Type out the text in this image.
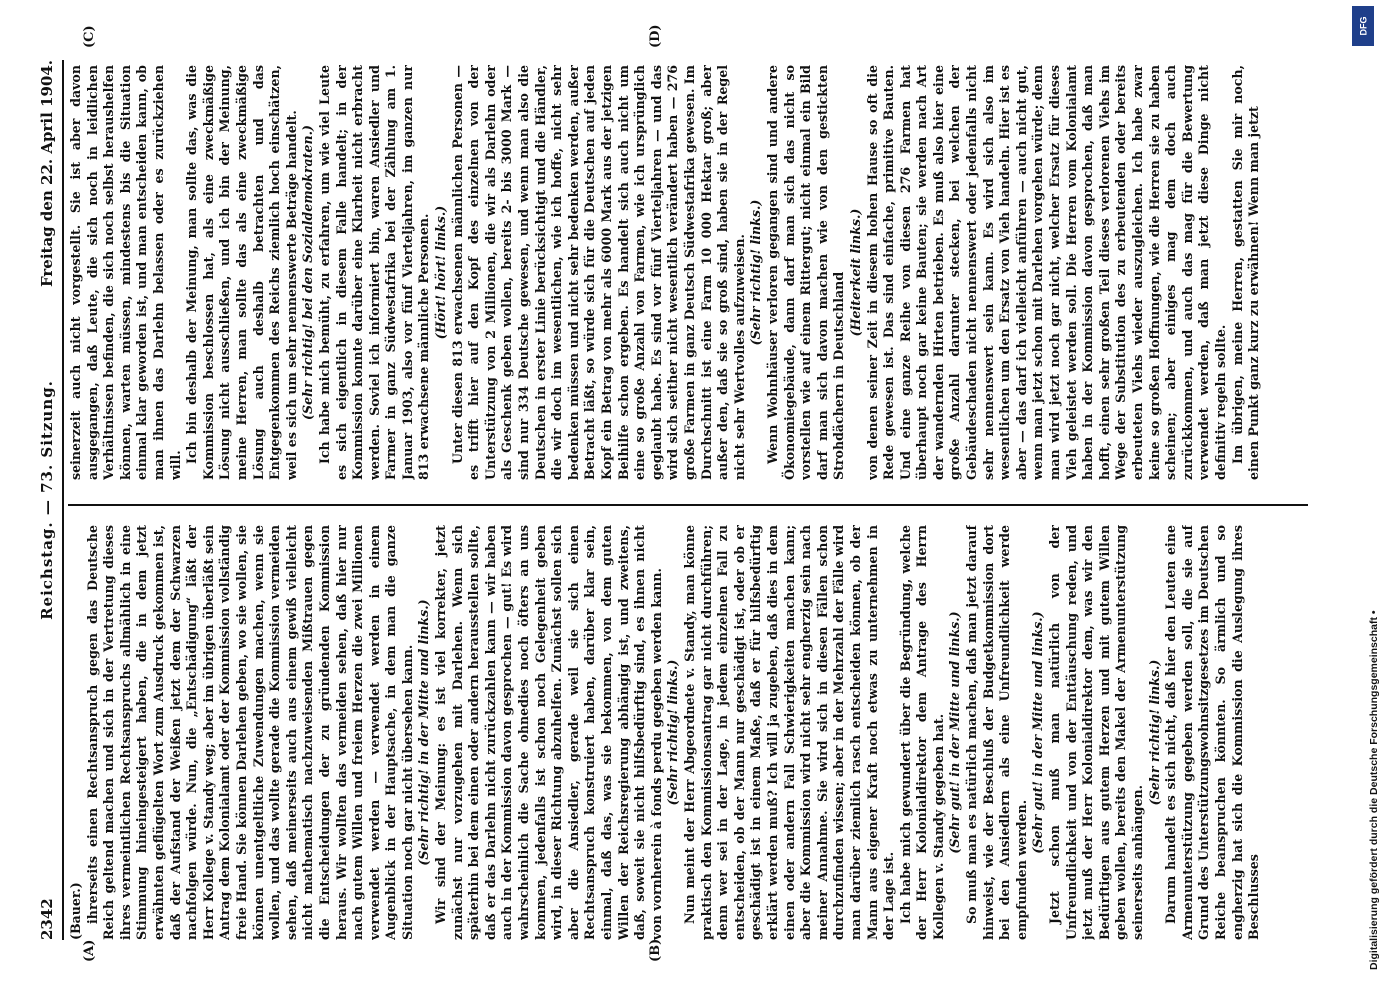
2342
Reichstag. — 73. Sitzung.
Freitag den 22. April 1904.
(A)	(B)
(C)	(D)

(Bauer.) ihrerseits einen Rechtsanspruch gegen das Deutsche Reich geltend machen und sich in der Vertretung dieses ihres vermeintlichen Rechtsanspruchs allmählich in eine Stimmung hineingesteigert haben, die in dem jetzt erwähnten geflügelten Wort zum Ausdruck gekommen ist, daß der Aufstand der Weißen jetzt dem der Schwarzen nachfolgen würde. Nun, die „Entschädigung“ läßt der Herr Kollege v. Standy weg; aber im übrigen überläßt sein Antrag dem Kolonialamt oder der Kommission vollständig freie Hand. Sie können Darlehen geben, wo sie wollen, sie können unentgeltliche Zuwendungen machen, wenn sie wollen, und das wollte gerade die Kommission vermeiden sehen, daß meinerseits auch aus einem gewiß vielleicht nicht mathematisch nachzuweisenden Mißtrauen gegen die Entscheidungen der zu gründenden Kommission heraus. Wir wollten das vermeiden sehen, daß hier nur nach gutem Willen und freiem Herzen die zwei Millionen verwendet werden — verwendet werden in einem Augenblick in der Hauptsache, in dem man die ganze Situation noch gar nicht übersehen kann. (Sehr richtig! in der Mitte und links.) Wir sind der Meinung: es ist viel korrekter, jetzt zunächst nur vorzugehen mit Darlehen. Wenn sich späterhin bei dem einen oder andern herausstellen sollte, daß er das Darlehn nicht zurückzahlen kann — wir haben auch in der Kommission davon gesprochen — gut! Es wird wahrscheinlich die Sache ohnedies noch öfters an uns kommen, jedenfalls ist schon noch Gelegenheit geben wird, in dieser Richtung abzuhelfen. Zunächst sollen sich aber die Ansiedler, gerade weil sie sich einen Rechtsanspruch konstruiert haben, darüber klar sein, einmal, daß das, was sie bekommen, von dem guten Willen der Reichsregierung abhängig ist, und zweitens, daß, soweit sie nicht hilfsbedürftig sind, es ihnen nicht von vornherein à fonds perdu gegeben werden kann. (Sehr richtig! links.) Nun meint der Herr Abgeordnete v. Standy, man könne praktisch den Kommissionsantrag gar nicht durchführen; denn wer sei in der Lage, in jedem einzelnen Fall zu entscheiden, ob der Mann nur geschädigt ist, oder ob er geschädigt ist in einem Maße, daß er für hilfsbedürftig erklärt werden muß? Ich will ja zugeben, daß dies in dem einen oder andern Fall Schwierigkeiten machen kann; aber die Kommission wird nicht sehr engherzig sein nach meiner Annahme. Sie wird sich in diesen Fällen schon durchzufinden wissen; aber in der Mehrzahl der Fälle wird man darüber ziemlich rasch entscheiden können, ob der Mann aus eigener Kraft noch etwas zu unternehmen in der Lage ist. Ich habe mich gewundert über die Begründung, welche der Herr Kolonialdirektor dem Antrage des Herrn Kollegen v. Standy gegeben hat. (Sehr gut! in der Mitte und links.) So muß man es natürlich machen, daß man jetzt darauf hinweist, wie der Beschluß der Budgetkommission dort bei den Ansiedlern als eine Unfreundlichkeit werde empfunden werden.

(Sehr gut! in der Mitte und links.) Jetzt schon muß man natürlich von der Unfreundlichkeit und von der Enttäuschung reden, und jetzt muß der Herr Kolonialdirektor dem, was wir den Bedürftigen aus gutem Herzen und mit gutem Willen geben wollen, bereits den Makel der Armenunterstützung seinerseits anhängen.

(Sehr richtig! links.) Darum handelt es sich nicht, daß hier den Leuten eine Armenunterstützung gegeben werden soll, die sie auf Grund des Unterstützungswohnsitzgesetzes im Deutschen Reiche beanspruchen könnten. So ärmlich und so engherzig hat sich die Kommission die Auslegung ihres Beschlusses

seinerzeit auch nicht vorgestellt. Sie ist aber davon ausgegangen, daß Leute, die sich noch in leidlichen Verhältnissen befinden, die sich noch selbst heraushelfen können, warten müssen, mindestens bis die Situation einmal klar geworden ist, und man entscheiden kann, ob man ihnen das Darlehn belassen oder es zurückziehen will.

Ich bin deshalb der Meinung, man sollte das, was die Kommission beschlossen hat, als eine zweckmäßige Lösung nicht ausschließen, und ich bin der Meinung, meine Herren, man sollte das als eine zweckmäßige Lösung auch deshalb betrachten und das Entgegenkommen des Reichs ziemlich hoch einschätzen, weil es sich um sehr nennenswerte Beträge handelt. (Sehr richtig! bei den Sozialdemokraten.) Ich habe mich bemüht, zu erfahren, um wie viel Leute es sich eigentlich in diesem Falle handelt; in der Kommission konnte darüber eine Klarheit nicht erbracht werden. Soviel ich informiert bin, waren Ansiedler und Farmer in ganz Südwestafrika bei der Zählung am 1. Januar 1903, also vor fünf Vierteljahren, im ganzen nur 813 erwachsene männliche Personen. (Hört! hört! links.) Unter diesen 813 erwachsenen männlichen Personen — es trifft hier auf den Kopf des einzelnen von der Unterstützung von 2 Millionen, die wir als Darlehn oder als Geschenk geben wollen, bereits 2- bis 3000 Mark — sind nur 334 Deutsche gewesen, und wenn man also die Deutschen in erster Linie berücksichtigt und die Händler, die wir doch im wesentlichen, wie ich hoffe, nicht sehr bedenken müssen und nicht sehr bedenken werden, außer Betracht läßt, so würde sich für die Deutschen auf jeden Kopf ein Betrag von mehr als 6000 Mark aus der jetzigen Beihilfe schon ergeben. Es handelt sich auch nicht um eine so große Anzahl von Farmen, wie ich ursprünglich geglaubt habe. Es sind vor fünf Vierteljahren — und das wird sich seither nicht wesentlich verändert haben — 276 große Farmen in ganz Deutsch Südwestafrika gewesen. Im Durchschnitt ist eine Farm 10 000 Hektar groß; aber außer den, daß sie so groß sind, haben sie in der Regel nicht sehr Wertvolles aufzuweisen. (Sehr richtig! links.) Wenn Wohnhäuser verloren gegangen sind und andere Ökonomiegebäude, dann darf man sich das nicht so vorstellen wie auf einem Rittergut; nicht einmal ein Bild darf man sich davon machen wie von den gestickten Strohdächern in Deutschland (Heiterkeit links.) von denen seiner Zeit in diesem hohen Hause so oft die Rede gewesen ist. Das sind einfache, primitive Bauten. Und eine ganze Reihe von diesen 276 Farmen hat überhaupt noch gar keine Bauten; sie werden nach Art der wandernden Hirten betrieben. Es muß also hier eine große Anzahl darunter stecken, bei welchen der Gebäudeschaden nicht nennenswert oder jedenfalls nicht sehr nennenswert sein kann. Es wird sich also im wesentlichen um den Ersatz von Vieh handeln. Hier ist es aber — das darf ich vielleicht anführen — auch nicht gut, wenn man jetzt schon mit Darlehen vorgehen würde; denn man wird jetzt noch gar nicht, welcher Ersatz für dieses Vieh geleistet werden soll. Die Herren vom Kolonialamt haben in der Kommission davon gesprochen, daß man hofft, einen sehr großen Teil dieses verlorenen Viehs im Wege der Substitution des zu erbeutenden oder bereits erbeuteten Viehs wieder auszugleichen. Ich habe zwar keine so großen Hoffnungen, wie die Herren sie zu haben scheinen; aber einiges mag dem doch auch zurückkommen, und auch das mag für die Bewertung verwendet werden, daß man jetzt diese Dinge nicht definitiv regeln sollte. Im übrigen, meine Herren, gestatten Sie mir noch, einen Punkt ganz kurz zu erwähnen! Wenn man jetzt

Digitalisierung gefördert durch die Deutsche Forschungsgemeinschaft •
DFG
